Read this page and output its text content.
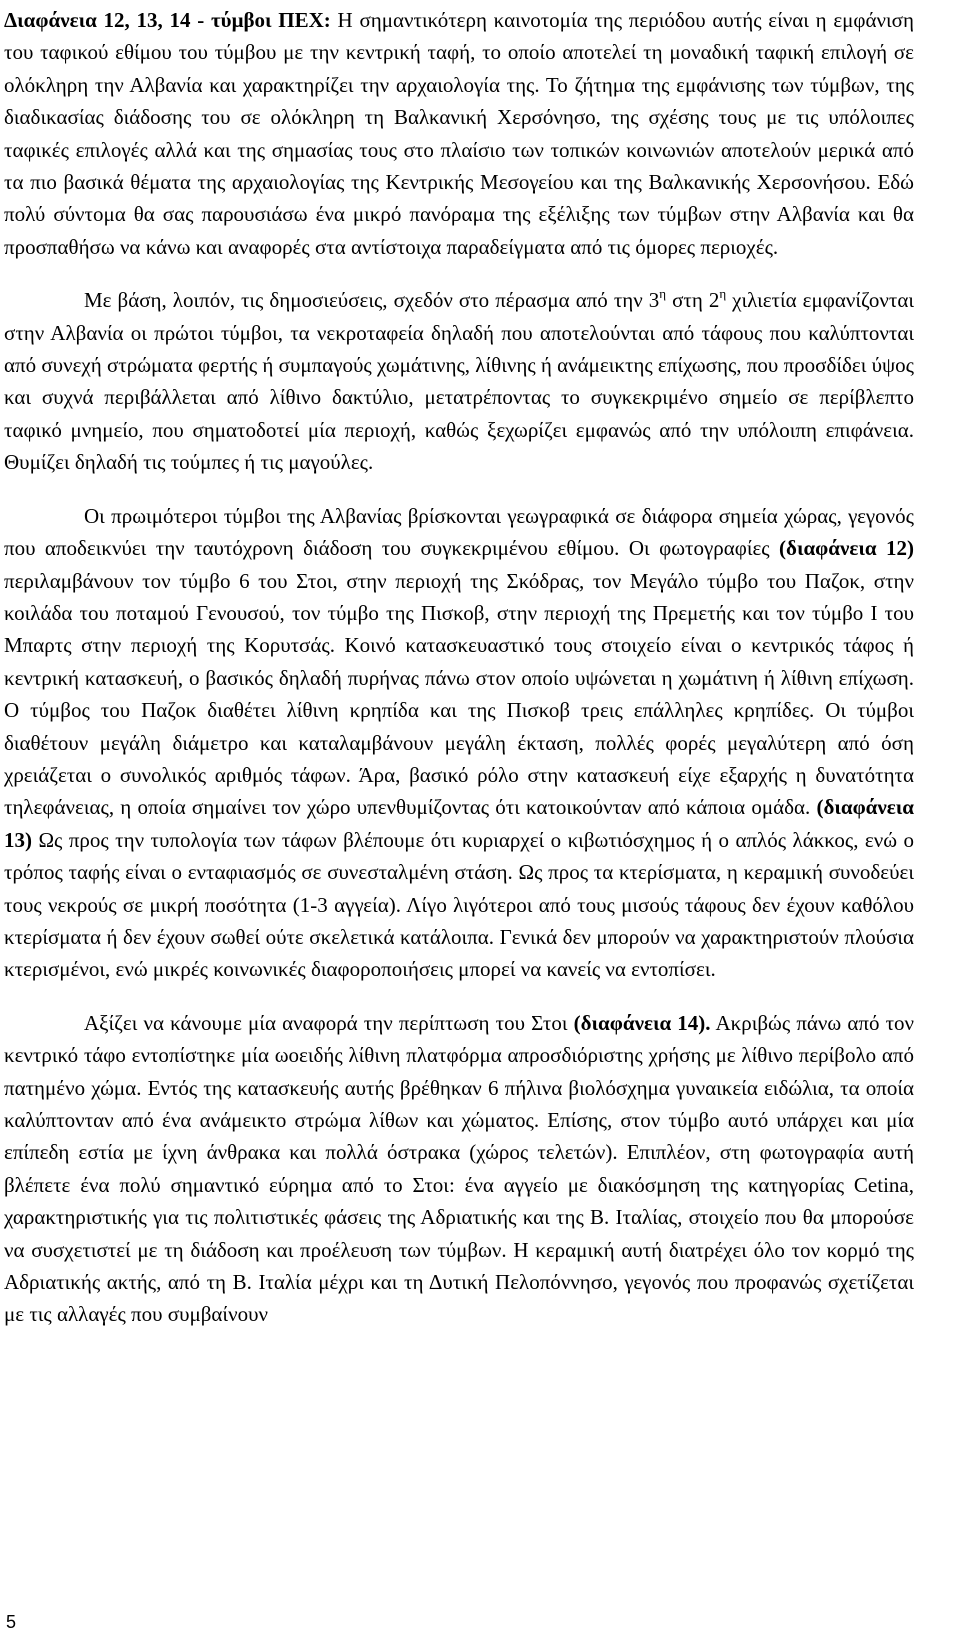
Διαφάνεια 12, 13, 14 - τύμβοι ΠΕΧ: Η σημαντικότερη καινοτομία της περιόδου αυτής είναι η εμφάνιση του ταφικού εθίμου του τύμβου με την κεντρική ταφή, το οποίο αποτελεί τη μοναδική ταφική επιλογή σε ολόκληρη την Αλβανία και χαρακτηρίζει την αρχαιολογία της. Το ζήτημα της εμφάνισης των τύμβων, της διαδικασίας διάδοσης του σε ολόκληρη τη Βαλκανική Χερσόνησο, της σχέσης τους με τις υπόλοιπες ταφικές επιλογές αλλά και της σημασίας τους στο πλαίσιο των τοπικών κοινωνιών αποτελούν μερικά από τα πιο βασικά θέματα της αρχαιολογίας της Κεντρικής Μεσογείου και της Βαλκανικής Χερσονήσου. Εδώ πολύ σύντομα θα σας παρουσιάσω ένα μικρό πανόραμα της εξέλιξης των τύμβων στην Αλβανία και θα προσπαθήσω να κάνω και αναφορές στα αντίστοιχα παραδείγματα από τις όμορες περιοχές.

Με βάση, λοιπόν, τις δημοσιεύσεις, σχεδόν στο πέρασμα από την $3^\eta$ στη $2^\eta$ χιλιετία εμφανίζονται στην Αλβανία οι πρώτοι τύμβοι, τα νεκροταφεία δηλαδή που αποτελούνται από τάφους που καλύπτονται από συνεχή στρώματα φερτής ή συμπαγούς χωμάτινης, λίθινης ή ανάμεικτης επίχωσης, που προσδίδει ύψος και συχνά περιβάλλεται από λίθινο δακτύλιο, μετατρέποντας το συγκεκριμένο σημείο σε περίβλεπτο ταφικό μνημείο, που σηματοδοτεί μία περιοχή, καθώς ξεχωρίζει εμφανώς από την υπόλοιπη επιφάνεια. Θυμίζει δηλαδή τις τούμπες ή τις μαγούλες.

Οι πρωιμότεροι τύμβοι της Αλβανίας βρίσκονται γεωγραφικά σε διάφορα σημεία χώρας, γεγονός που αποδεικνύει την ταυτόχρονη διάδοση του συγκεκριμένου εθίμου. Οι φωτογραφίες (διαφάνεια 12) περιλαμβάνουν τον τύμβο 6 του Στοι, στην περιοχή της Σκόδρας, τον Μεγάλο τύμβο του Παζοκ, στην κοιλάδα του ποταμού Γενουσού, τον τύμβο της Πισκοβ, στην περιοχή της Πρεμετής και τον τύμβο Ι του Μπαρτς στην περιοχή της Κορυτσάς. Κοινό κατασκευαστικό τους στοιχείο είναι ο κεντρικός τάφος ή κεντρική κατασκευή, ο βασικός δηλαδή πυρήνας πάνω στον οποίο υψώνεται η χωμάτινη ή λίθινη επίχωση. Ο τύμβος του Παζοκ διαθέτει λίθινη κρηπίδα και της Πισκοβ τρεις επάλληλες κρηπίδες. Οι τύμβοι διαθέτουν μεγάλη διάμετρο και καταλαμβάνουν μεγάλη έκταση, πολλές φορές μεγαλύτερη από όση χρειάζεται ο συνολικός αριθμός τάφων. Άρα, βασικό ρόλο στην κατασκευή είχε εξαρχής η δυνατότητα τηλεφάνειας, η οποία σημαίνει τον χώρο υπενθυμίζοντας ότι κατοικούνταν από κάποια ομάδα. (διαφάνεια 13) Ως προς την τυπολογία των τάφων βλέπουμε ότι κυριαρχεί ο κιβωτιόσχημος ή ο απλός λάκκος, ενώ ο τρόπος ταφής είναι ο ενταφιασμός σε συνεσταλμένη στάση. Ως προς τα κτερίσματα, η κεραμική συνοδεύει τους νεκρούς σε μικρή ποσότητα (1-3 αγγεία). Λίγο λιγότεροι από τους μισούς τάφους δεν έχουν καθόλου κτερίσματα ή δεν έχουν σωθεί ούτε σκελετικά κατάλοιπα. Γενικά δεν μπορούν να χαρακτηριστούν πλούσια κτερισμένοι, ενώ μικρές κοινωνικές διαφοροποιήσεις μπορεί να κανείς να εντοπίσει.

Αξίζει να κάνουμε μία αναφορά την περίπτωση του Στοι (διαφάνεια 14). Ακριβώς πάνω από τον κεντρικό τάφο εντοπίστηκε μία ωοειδής λίθινη πλατφόρμα απροσδιόριστης χρήσης με λίθινο περίβολο από πατημένο χώμα. Εντός της κατασκευής αυτής βρέθηκαν 6 πήλινα βιολόσχημα γυναικεία ειδώλια, τα οποία καλύπτονταν από ένα ανάμεικτο στρώμα λίθων και χώματος. Επίσης, στον τύμβο αυτό υπάρχει και μία επίπεδη εστία με ίχνη άνθρακα και πολλά όστρακα (χώρος τελετών). Επιπλέον, στη φωτογραφία αυτή βλέπετε ένα πολύ σημαντικό εύρημα από το Στοι: ένα αγγείο με διακόσμηση της κατηγορίας Cetina, χαρακτηριστικής για τις πολιτιστικές φάσεις της Αδριατικής και της Β. Ιταλίας, στοιχείο που θα μπορούσε να συσχετιστεί με τη διάδοση και προέλευση των τύμβων. Η κεραμική αυτή διατρέχει όλο τον κορμό της Αδριατικής ακτής, από τη Β. Ιταλία μέχρι και τη Δυτική Πελοπόννησο, γεγονός που προφανώς σχετίζεται με τις αλλαγές που συμβαίνουν

5
